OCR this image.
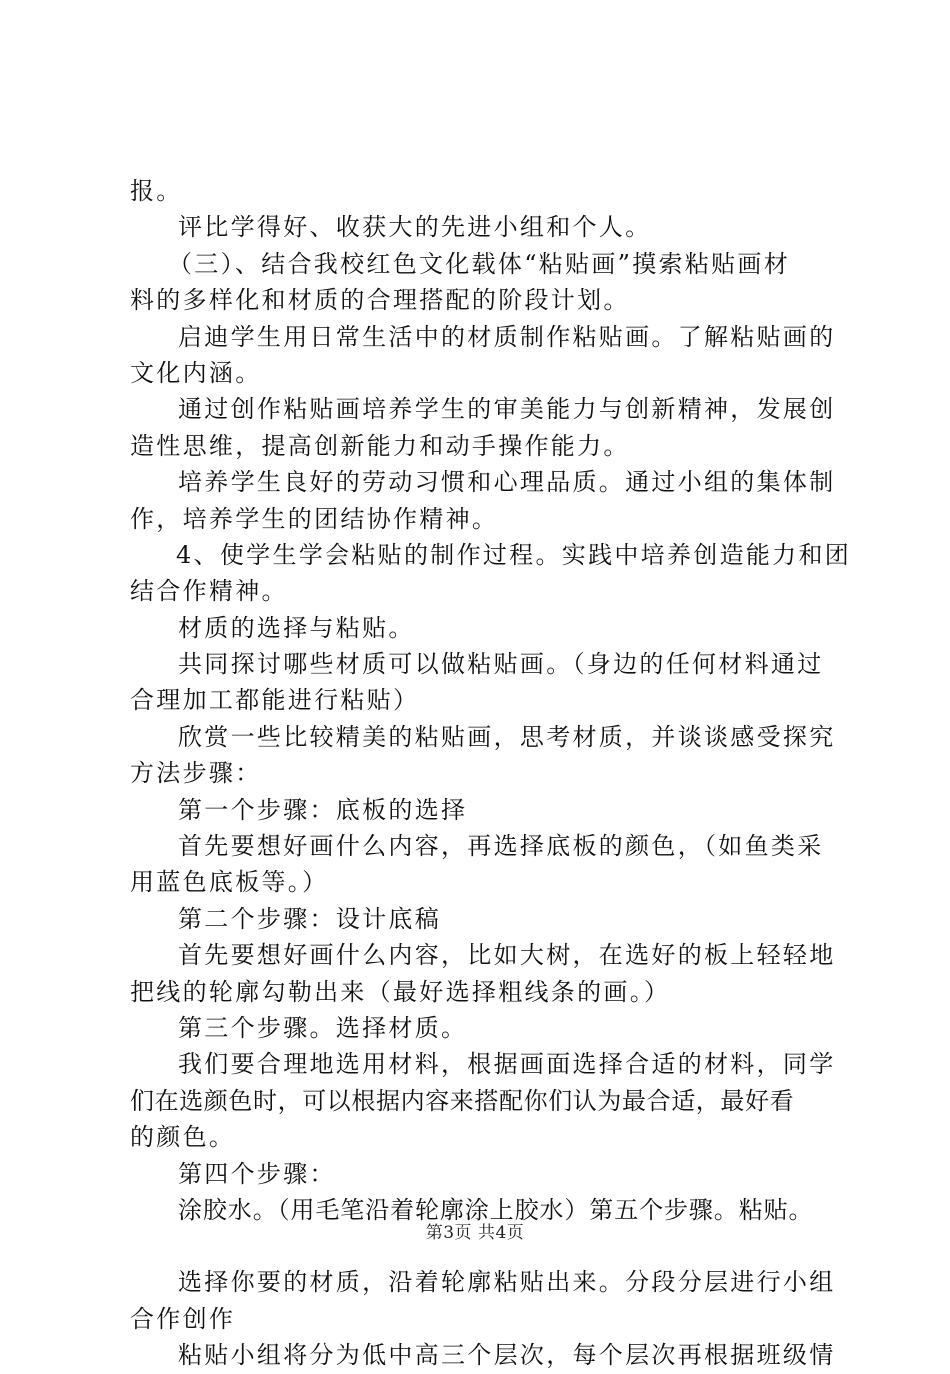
报。
评比学得好、收获大的先进小组和个人。
（三）、结合我校红色文化载体“粘贴画”摸索粘贴画材
料的多样化和材质的合理搭配的阶段计划。
启迪学生用日常生活中的材质制作粘贴画。了解粘贴画的
文化内涵。
通过创作粘贴画培养学生的审美能力与创新精神，发展创
造性思维，提高创新能力和动手操作能力。
培养学生良好的劳动习惯和心理品质。通过小组的集体制
作，培养学生的团结协作精神。
4、使学生学会粘贴的制作过程。实践中培养创造能力和团
结合作精神。
材质的选择与粘贴。
共同探讨哪些材质可以做粘贴画。（身边的任何材料通过
合理加工都能进行粘贴）
欣赏一些比较精美的粘贴画，思考材质，并谈谈感受探究
方法步骤：
第一个步骤：底板的选择
首先要想好画什么内容，再选择底板的颜色，（如鱼类采
用蓝色底板等。）
第二个步骤：设计底稿
首先要想好画什么内容，比如大树，在选好的板上轻轻地
把线的轮廓勾勒出来（最好选择粗线条的画。）
第三个步骤。选择材质。
我们要合理地选用材料，根据画面选择合适的材料，同学
们在选颜色时，可以根据内容来搭配你们认为最合适，最好看
的颜色。
第四个步骤：
涂胶水。（用毛笔沿着轮廓涂上胶水）第五个步骤。粘贴。
选择你要的材质，沿着轮廓粘贴出来。分段分层进行小组
合作创作
粘贴小组将分为低中高三个层次，每个层次再根据班级情
第3页 共4页
